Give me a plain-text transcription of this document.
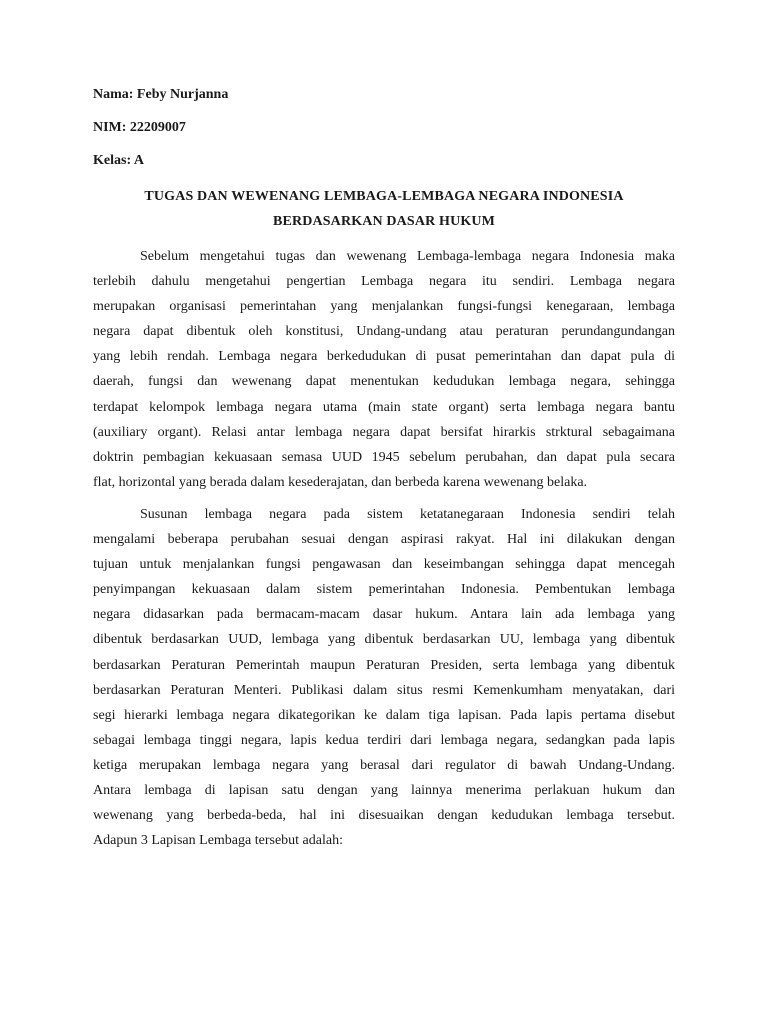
Nama: Feby Nurjanna
NIM: 22209007
Kelas: A
TUGAS DAN WEWENANG LEMBAGA-LEMBAGA NEGARA INDONESIA
BERDASARKAN DASAR HUKUM
Sebelum mengetahui tugas dan wewenang Lembaga-lembaga negara Indonesia maka
terlebih dahulu mengetahui pengertian Lembaga negara itu sendiri. Lembaga negara
merupakan organisasi pemerintahan yang menjalankan fungsi-fungsi kenegaraan, lembaga
negara dapat dibentuk oleh konstitusi, Undang-undang atau peraturan perundangundangan
yang lebih rendah. Lembaga negara berkedudukan di pusat pemerintahan dan dapat pula di
daerah, fungsi dan wewenang dapat menentukan kedudukan lembaga negara, sehingga
terdapat kelompok lembaga negara utama (main state organt) serta lembaga negara bantu
(auxiliary organt). Relasi antar lembaga negara dapat bersifat hirarkis strktural sebagaimana
doktrin pembagian kekuasaan semasa UUD 1945 sebelum perubahan, dan dapat pula secara
flat, horizontal yang berada dalam kesederajatan, dan berbeda karena wewenang belaka.
Susunan lembaga negara pada sistem ketatanegaraan Indonesia sendiri telah
mengalami beberapa perubahan sesuai dengan aspirasi rakyat. Hal ini dilakukan dengan
tujuan untuk menjalankan fungsi pengawasan dan keseimbangan sehingga dapat mencegah
penyimpangan kekuasaan dalam sistem pemerintahan Indonesia. Pembentukan lembaga
negara didasarkan pada bermacam-macam dasar hukum. Antara lain ada lembaga yang
dibentuk berdasarkan UUD, lembaga yang dibentuk berdasarkan UU, lembaga yang dibentuk
berdasarkan Peraturan Pemerintah maupun Peraturan Presiden, serta lembaga yang dibentuk
berdasarkan Peraturan Menteri. Publikasi dalam situs resmi Kemenkumham menyatakan, dari
segi hierarki lembaga negara dikategorikan ke dalam tiga lapisan. Pada lapis pertama disebut
sebagai lembaga tinggi negara, lapis kedua terdiri dari lembaga negara, sedangkan pada lapis
ketiga merupakan lembaga negara yang berasal dari regulator di bawah Undang-Undang.
Antara lembaga di lapisan satu dengan yang lainnya menerima perlakuan hukum dan
wewenang yang berbeda-beda, hal ini disesuaikan dengan kedudukan lembaga tersebut.
Adapun 3 Lapisan Lembaga tersebut adalah:
